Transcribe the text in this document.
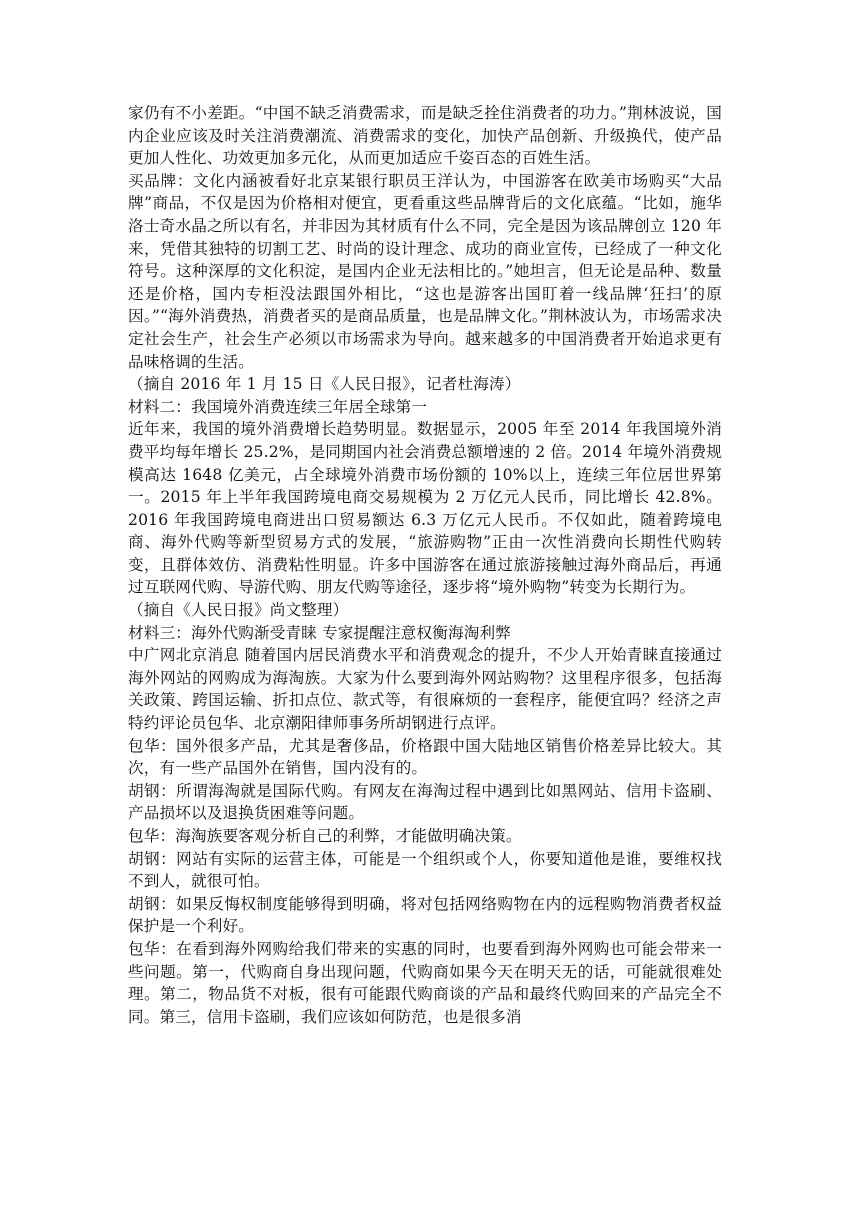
家仍有不小差距。“中国不缺乏消费需求，而是缺乏拴住消费者的功力。”荆林波说，国内企业应该及时关注消费潮流、消费需求的变化，加快产品创新、升级换代，使产品更加人性化、功效更加多元化，从而更加适应千姿百态的百姓生活。

买品牌：文化内涵被看好北京某银行职员王洋认为，中国游客在欧美市场购买“大品牌”商品，不仅是因为价格相对便宜，更看重这些品牌背后的文化底蕴。“比如，施华洛士奇水晶之所以有名，并非因为其材质有什么不同，完全是因为该品牌创立 120 年来，凭借其独特的切割工艺、时尚的设计理念、成功的商业宣传，已经成了一种文化符号。这种深厚的文化积淀，是国内企业无法相比的。”她坦言，但无论是品种、数量还是价格，国内专柜没法跟国外相比，“这也是游客出国盯着一线品牌‘狂扫’的原因。”“海外消费热，消费者买的是商品质量，也是品牌文化。”荆林波认为，市场需求决定社会生产，社会生产必须以市场需求为导向。越来越多的中国消费者开始追求更有品味格调的生活。

（摘自 2016 年 1 月 15 日《人民日报》，记者杜海涛）

材料二：我国境外消费连续三年居全球第一

近年来，我国的境外消费增长趋势明显。数据显示，2005 年至 2014 年我国境外消费平均每年增长 25.2%，是同期国内社会消费总额增速的 2 倍。2014 年境外消费规模高达 1648 亿美元，占全球境外消费市场份额的 10%以上，连续三年位居世界第一。2015 年上半年我国跨境电商交易规模为 2 万亿元人民币，同比增长 42.8%。2016 年我国跨境电商进出口贸易额达 6.3 万亿元人民币。不仅如此，随着跨境电商、海外代购等新型贸易方式的发展，“旅游购物”正由一次性消费向长期性代购转变，且群体效仿、消费粘性明显。许多中国游客在通过旅游接触过海外商品后，再通过互联网代购、导游代购、朋友代购等途径，逐步将“境外购物”转变为长期行为。

（摘自《人民日报》尚文整理）

材料三：海外代购渐受青睐 专家提醒注意权衡海淘利弊

中广网北京消息 随着国内居民消费水平和消费观念的提升，不少人开始青睐直接通过海外网站的网购成为海淘族。大家为什么要到海外网站购物？这里程序很多，包括海关政策、跨国运输、折扣点位、款式等，有很麻烦的一套程序，能便宜吗？经济之声特约评论员包华、北京潮阳律师事务所胡钢进行点评。

包华：国外很多产品，尤其是奢侈品，价格跟中国大陆地区销售价格差异比较大。其次，有一些产品国外在销售，国内没有的。

胡钢：所谓海淘就是国际代购。有网友在海淘过程中遇到比如黑网站、信用卡盗刷、产品损坏以及退换货困难等问题。

包华：海淘族要客观分析自己的利弊，才能做明确决策。

胡钢：网站有实际的运营主体，可能是一个组织或个人，你要知道他是谁，要维权找不到人，就很可怕。

胡钢：如果反悔权制度能够得到明确，将对包括网络购物在内的远程购物消费者权益保护是一个利好。

包华：在看到海外网购给我们带来的实惠的同时，也要看到海外网购也可能会带来一些问题。第一，代购商自身出现问题，代购商如果今天在明天无的话，可能就很难处理。第二，物品货不对板，很有可能跟代购商谈的产品和最终代购回来的产品完全不同。第三，信用卡盗刷，我们应该如何防范，也是很多消
